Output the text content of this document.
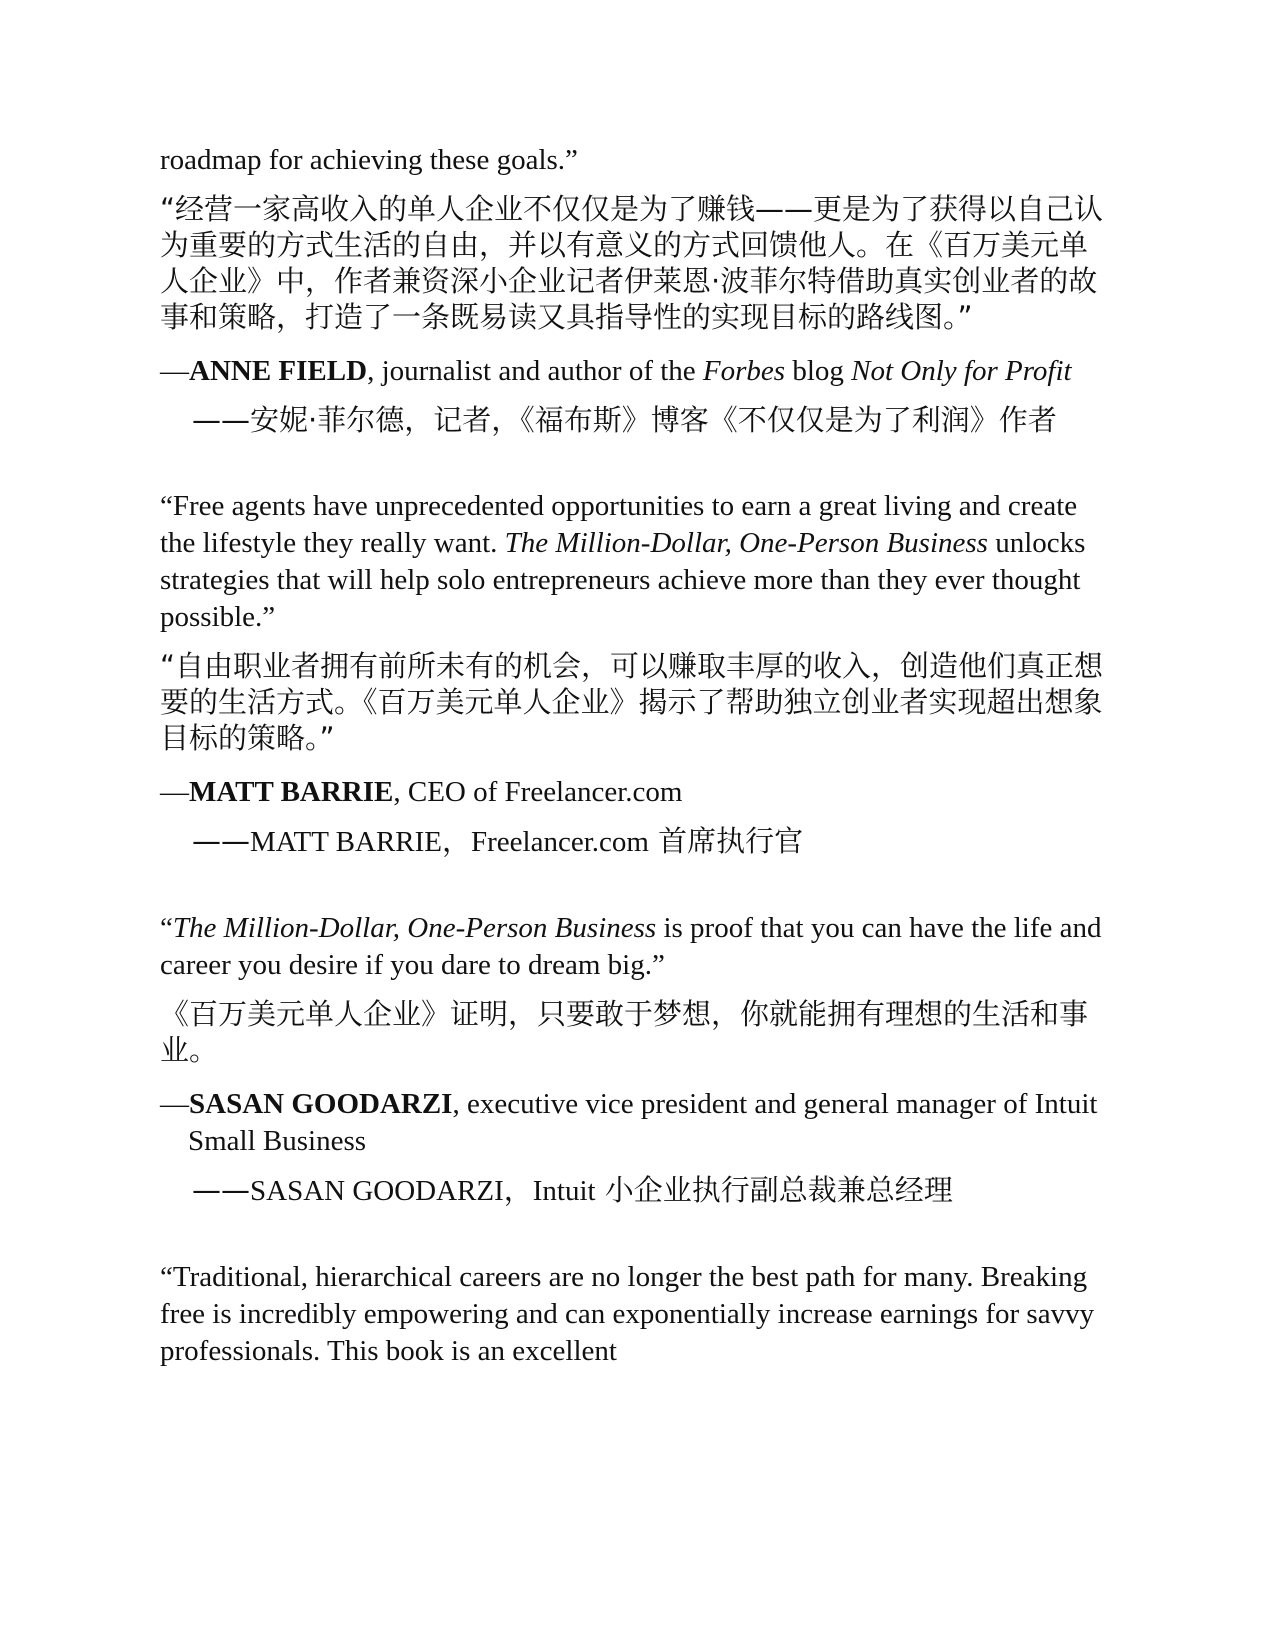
roadmap for achieving these goals.”

“经营一家高收入的单人企业不仅仅是为了赚钱——更是为了获得以自己认为重要的方式生活的自由，并以有意义的方式回馈他人。在《百万美元单人企业》中，作者兼资深小企业记者伊莱恩·波菲尔特借助真实创业者的故事和策略，打造了一条既易读又具指导性的实现目标的路线图。”

—ANNE FIELD, journalist and author of the Forbes blog Not Only for Profit

——安妮·菲尔德，记者，《福布斯》博客《不仅仅是为了利润》作者

“Free agents have unprecedented opportunities to earn a great living and create the lifestyle they really want. The Million-Dollar, One-Person Business unlocks strategies that will help solo entrepreneurs achieve more than they ever thought possible.”

“自由职业者拥有前所未有的机会，可以赚取丰厚的收入，创造他们真正想要的生活方式。《百万美元单人企业》揭示了帮助独立创业者实现超出想象目标的策略。”

—MATT BARRIE, CEO of Freelancer.com

——MATT BARRIE，Freelancer.com 首席执行官

“The Million-Dollar, One-Person Business is proof that you can have the life and career you desire if you dare to dream big.”

《百万美元单人企业》证明，只要敢于梦想，你就能拥有理想的生活和事业。

—SASAN GOODARZI, executive vice president and general manager of Intuit Small Business

——SASAN GOODARZI，Intuit 小企业执行副总裁兼总经理

“Traditional, hierarchical careers are no longer the best path for many. Breaking free is incredibly empowering and can exponentially increase earnings for savvy professionals. This book is an excellent
